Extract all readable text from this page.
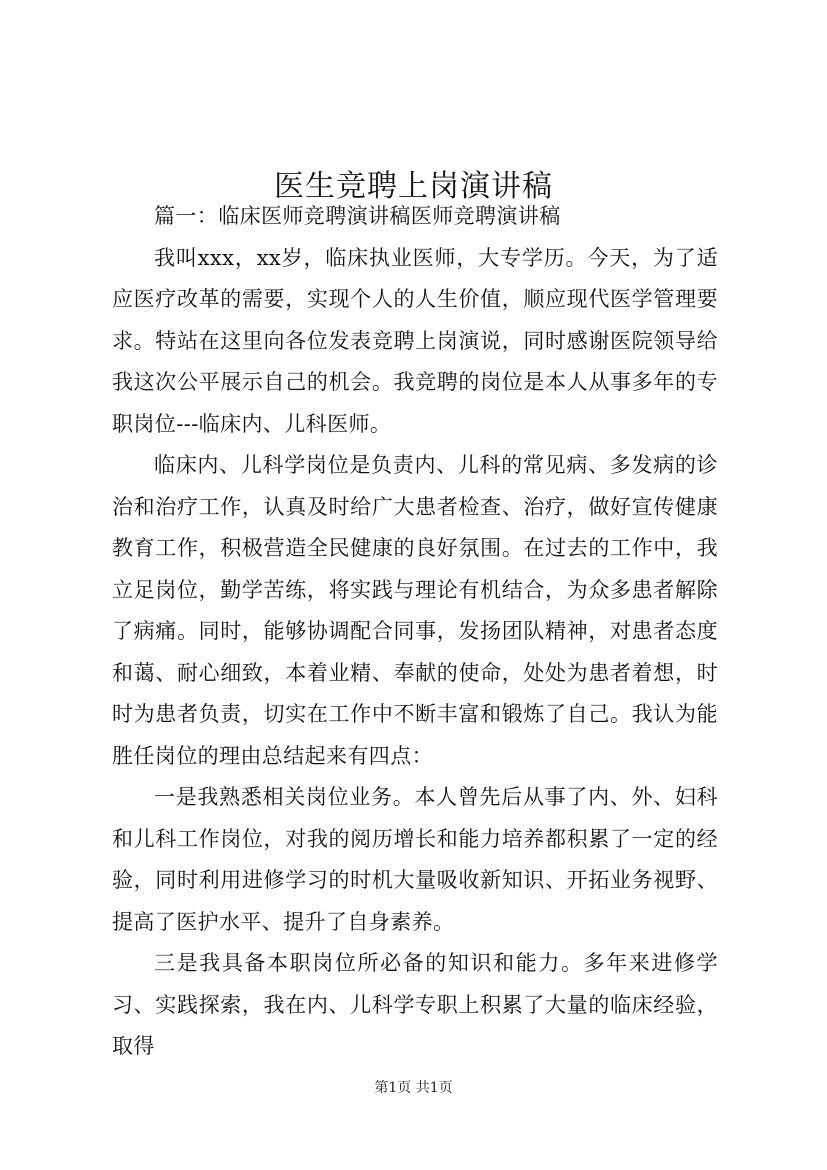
医生竞聘上岗演讲稿

篇一：临床医师竞聘演讲稿医师竞聘演讲稿

我叫xxx，xx岁，临床执业医师，大专学历。今天，为了适应医疗改革的需要，实现个人的人生价值，顺应现代医学管理要求。特站在这里向各位发表竞聘上岗演说，同时感谢医院领导给我这次公平展示自己的机会。我竞聘的岗位是本人从事多年的专职岗位---临床内、儿科医师。

临床内、儿科学岗位是负责内、儿科的常见病、多发病的诊治和治疗工作，认真及时给广大患者检查、治疗，做好宣传健康教育工作，积极营造全民健康的良好氛围。在过去的工作中，我立足岗位，勤学苦练，将实践与理论有机结合，为众多患者解除了病痛。同时，能够协调配合同事，发扬团队精神，对患者态度和蔼、耐心细致，本着业精、奉献的使命，处处为患者着想，时时为患者负责，切实在工作中不断丰富和锻炼了自己。我认为能胜任岗位的理由总结起来有四点：

一是我熟悉相关岗位业务。本人曾先后从事了内、外、妇科和儿科工作岗位，对我的阅历增长和能力培养都积累了一定的经验，同时利用进修学习的时机大量吸收新知识、开拓业务视野、提高了医护水平、提升了自身素养。

三是我具备本职岗位所必备的知识和能力。多年来进修学习、实践探索，我在内、儿科学专职上积累了大量的临床经验，取得

第1页 共1页
